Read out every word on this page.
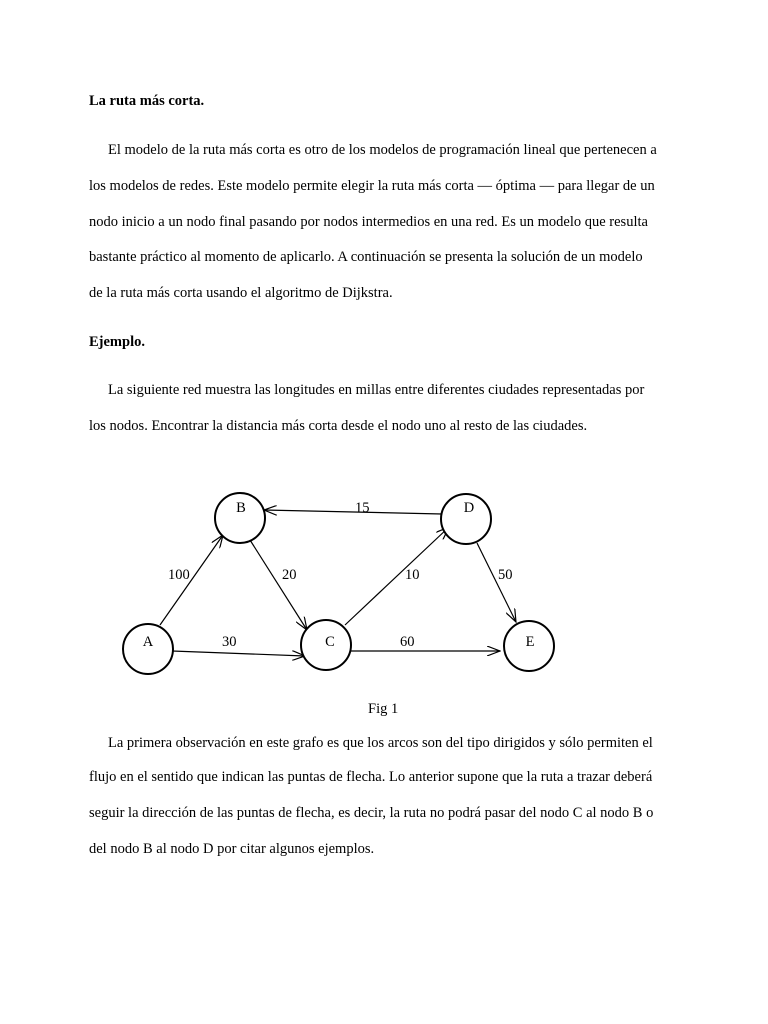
La ruta más corta.
El modelo de la ruta más corta es otro de los modelos de programación lineal que pertenecen a
los modelos de redes. Este modelo permite elegir la ruta más corta — óptima — para llegar de un
nodo inicio a un nodo final pasando por nodos intermedios en una red. Es un modelo que resulta
bastante práctico al momento de aplicarlo. A continuación se presenta la solución de un modelo
de la ruta más corta usando el algoritmo de Dijkstra.
Ejemplo.
La siguiente red muestra las longitudes en millas entre diferentes ciudades representadas por
los nodos. Encontrar la distancia más corta desde el nodo uno al resto de las ciudades.
100
30
20
15
10
60
50
A
B
C
D
E
Fig 1
La primera observación en este grafo es que los arcos son del tipo dirigidos y sólo permiten el
flujo en el sentido que indican las puntas de flecha. Lo anterior supone que la ruta a trazar deberá
seguir la dirección de las puntas de flecha, es decir, la ruta no podrá pasar del nodo C al nodo B o
del nodo B al nodo D por citar algunos ejemplos.
